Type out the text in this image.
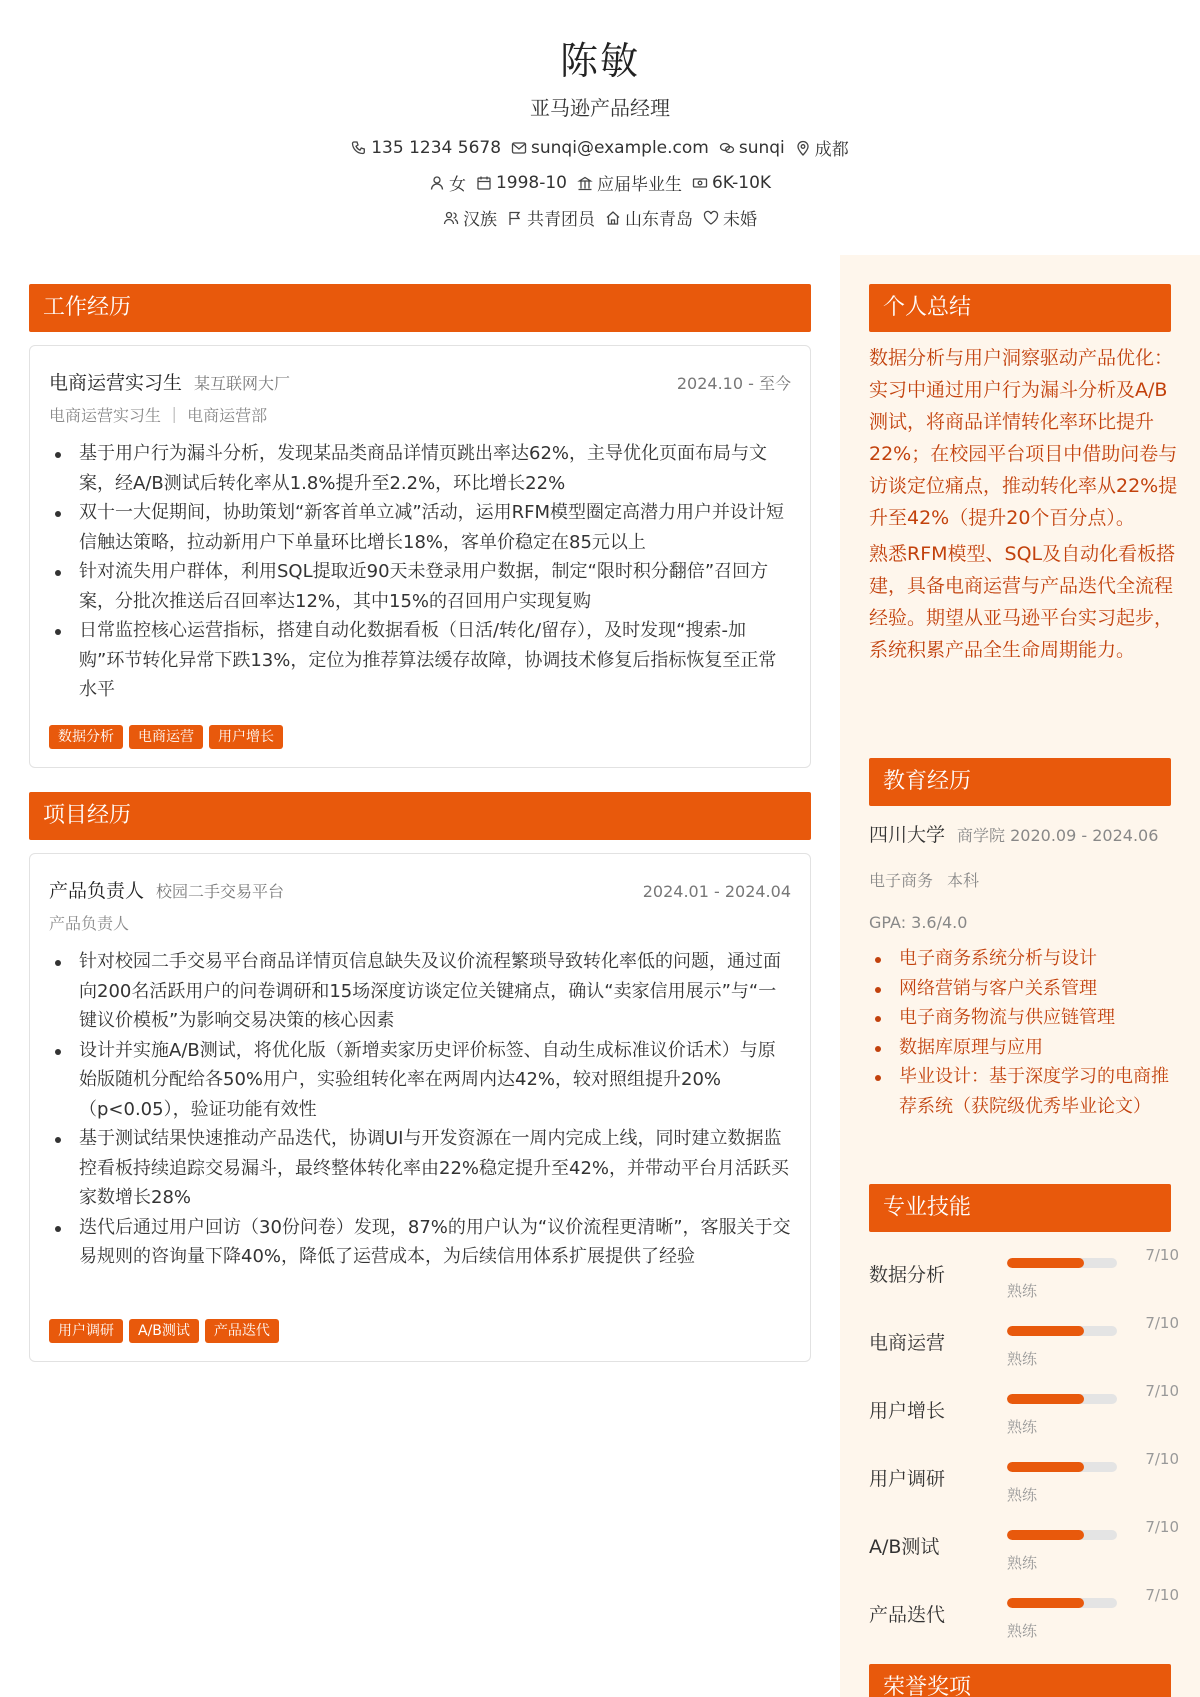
陈敏
亚马逊产品经理
135 1234 5678 sunqi@example.com sunqi 成都
女 1998-10 应届毕业生 6K-10K
汉族 共青团员 山东青岛 未婚
工作经历
电商运营实习生 某互联网大厂	2024.10 - 至今
电商运营实习生 ｜ 电商运营部
基于用户行为漏斗分析，发现某品类商品详情页跳出率达62%，主导优化页面布局与文案，经A/B测试后转化率从1.8%提升至2.2%，环比增长22%
双十一大促期间，协助策划“新客首单立减”活动，运用RFM模型圈定高潜力用户并设计短信触达策略，拉动新用户下单量环比增长18%，客单价稳定在85元以上
针对流失用户群体，利用SQL提取近90天未登录用户数据，制定“限时积分翻倍”召回方案，分批次推送后召回率达12%，其中15%的召回用户实现复购
日常监控核心运营指标，搭建自动化数据看板（日活/转化/留存），及时发现“搜索-加购”环节转化异常下跌13%，定位为推荐算法缓存故障，协调技术修复后指标恢复至正常水平
数据分析	电商运营	用户增长
项目经历
产品负责人 校园二手交易平台	2024.01 - 2024.04
产品负责人
针对校园二手交易平台商品详情页信息缺失及议价流程繁琐导致转化率低的问题，通过面向200名活跃用户的问卷调研和15场深度访谈定位关键痛点，确认“卖家信用展示”与“一键议价模板”为影响交易决策的核心因素
设计并实施A/B测试，将优化版（新增卖家历史评价标签、自动生成标准议价话术）与原始版随机分配给各50%用户，实验组转化率在两周内达42%，较对照组提升20%（p<0.05），验证功能有效性
基于测试结果快速推动产品迭代，协调UI与开发资源在一周内完成上线，同时建立数据监控看板持续追踪交易漏斗，最终整体转化率由22%稳定提升至42%，并带动平台月活跃买家数增长28%
迭代后通过用户回访（30份问卷）发现，87%的用户认为“议价流程更清晰”，客服关于交易规则的咨询量下降40%，降低了运营成本，为后续信用体系扩展提供了经验
用户调研	A/B测试	产品迭代
个人总结

数据分析与用户洞察驱动产品优化：实习中通过用户行为漏斗分析及A/B测试，将商品详情转化率环比提升22%；在校园平台项目中借助问卷与访谈定位痛点，推动转化率从22%提升至42%（提升20个百分点）。

熟悉RFM模型、SQL及自动化看板搭建，具备电商运营与产品迭代全流程经验。期望从亚马逊平台实习起步，系统积累产品全生命周期能力。

教育经历
四川大学 商学院 2020.09 - 2024.06
电子商务 本科
GPA: 3.6/4.0
电子商务系统分析与设计
网络营销与客户关系管理
电子商务物流与供应链管理
数据库原理与应用
毕业设计：基于深度学习的电商推荐系统（获院级优秀毕业论文）
专业技能
数据分析
7/10
熟练
电商运营
7/10
熟练
用户增长
7/10
熟练
用户调研
7/10
熟练
A/B测试
7/10
熟练
产品迭代
7/10
熟练
荣誉奖项
